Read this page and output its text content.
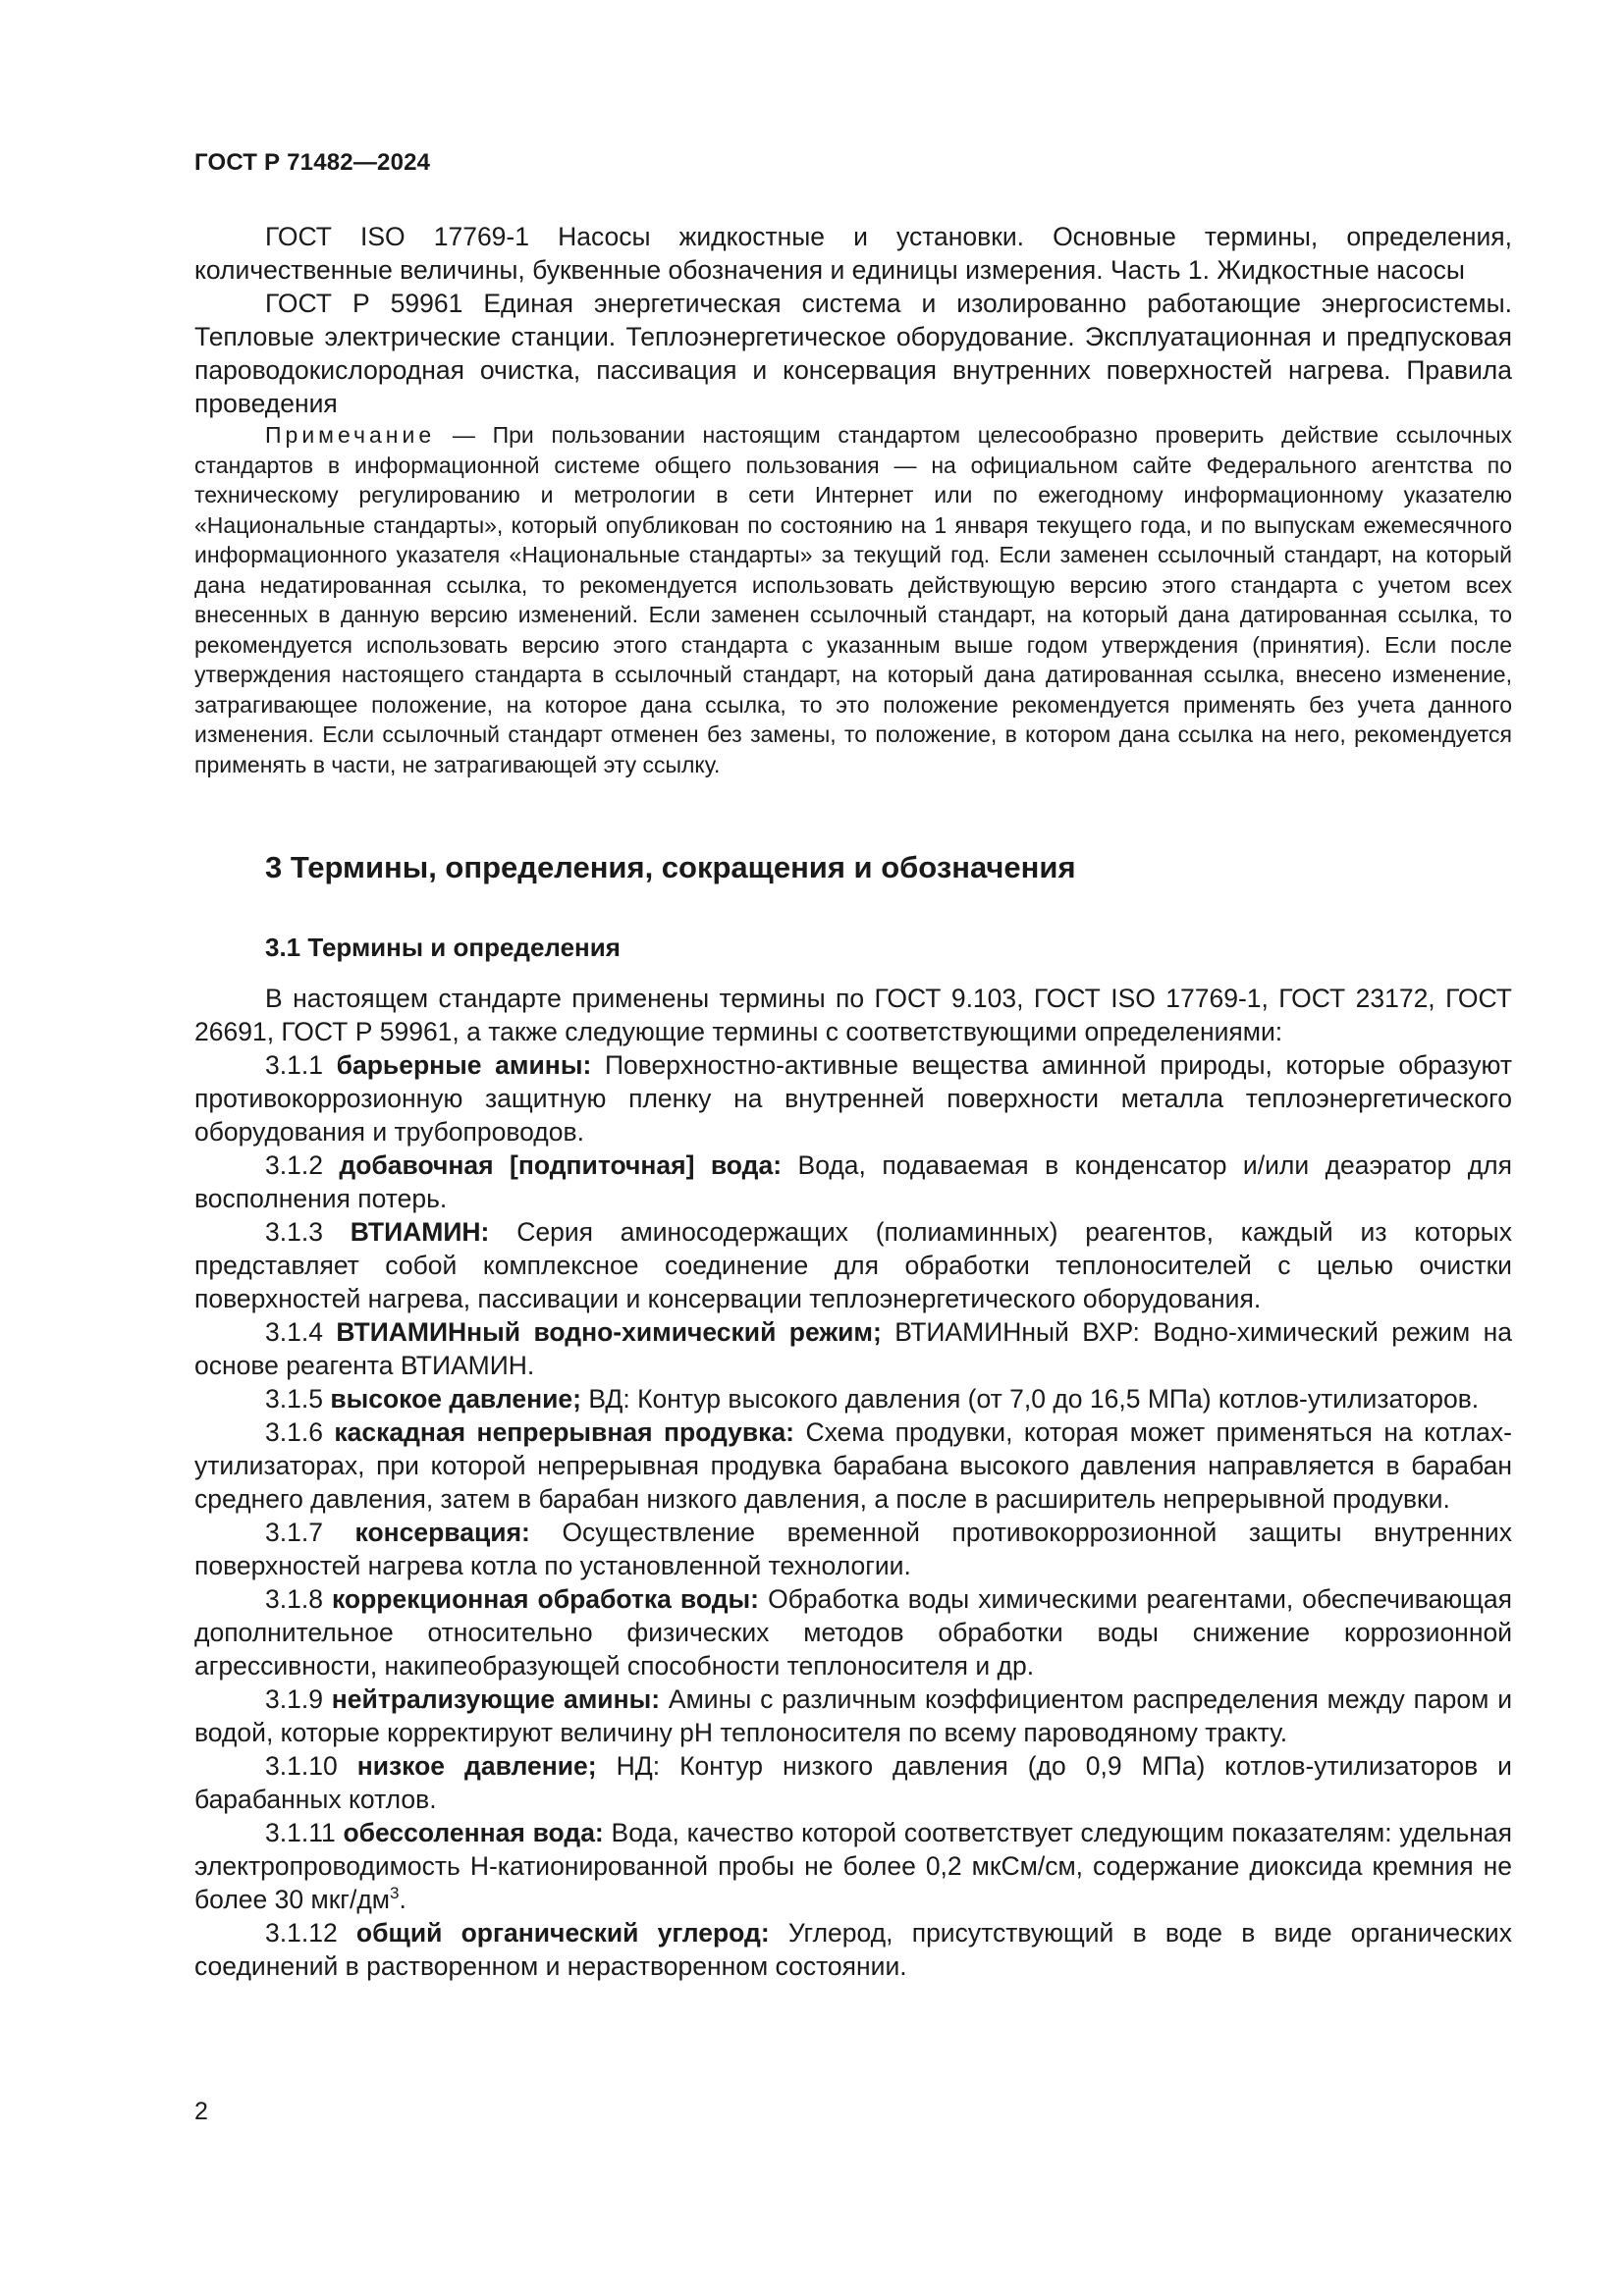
ГОСТ Р 71482—2024

ГОСТ ISO 17769-1 Насосы жидкостные и установки. Основные термины, определения, количественные величины, буквенные обозначения и единицы измерения. Часть 1. Жидкостные насосы

ГОСТ Р 59961 Единая энергетическая система и изолированно работающие энергосистемы. Тепловые электрические станции. Теплоэнергетическое оборудование. Эксплуатационная и предпусковая пароводокислородная очистка, пассивация и консервация внутренних поверхностей нагрева. Правила проведения

Примечание — При пользовании настоящим стандартом целесообразно проверить действие ссылочных стандартов в информационной системе общего пользования — на официальном сайте Федерального агентства по техническому регулированию и метрологии в сети Интернет или по ежегодному информационному указателю «Национальные стандарты», который опубликован по состоянию на 1 января текущего года, и по выпускам ежемесячного информационного указателя «Национальные стандарты» за текущий год. Если заменен ссылочный стандарт, на который дана недатированная ссылка, то рекомендуется использовать действующую версию этого стандарта с учетом всех внесенных в данную версию изменений. Если заменен ссылочный стандарт, на который дана датированная ссылка, то рекомендуется использовать версию этого стандарта с указанным выше годом утверждения (принятия). Если после утверждения настоящего стандарта в ссылочный стандарт, на который дана датированная ссылка, внесено изменение, затрагивающее положение, на которое дана ссылка, то это положение рекомендуется применять без учета данного изменения. Если ссылочный стандарт отменен без замены, то положение, в котором дана ссылка на него, рекомендуется применять в части, не затрагивающей эту ссылку.

3 Термины, определения, сокращения и обозначения
3.1 Термины и определения

В настоящем стандарте применены термины по ГОСТ 9.103, ГОСТ ISO 17769-1, ГОСТ 23172, ГОСТ 26691, ГОСТ Р 59961, а также следующие термины с соответствующими определениями:

3.1.1 барьерные амины: Поверхностно-активные вещества аминной природы, которые образуют противокоррозионную защитную пленку на внутренней поверхности металла теплоэнергетического оборудования и трубопроводов.

3.1.2 добавочная [подпиточная] вода: Вода, подаваемая в конденсатор и/или деаэратор для восполнения потерь.

3.1.3 ВТИАМИН: Серия аминосодержащих (полиаминных) реагентов, каждый из которых представляет собой комплексное соединение для обработки теплоносителей с целью очистки поверхностей нагрева, пассивации и консервации теплоэнергетического оборудования.

3.1.4 ВТИАМИНный водно-химический режим; ВТИАМИНный ВХР: Водно-химический режим на основе реагента ВТИАМИН.

3.1.5 высокое давление; ВД: Контур высокого давления (от 7,0 до 16,5 МПа) котлов-утилизаторов.

3.1.6 каскадная непрерывная продувка: Схема продувки, которая может применяться на котлах-утилизаторах, при которой непрерывная продувка барабана высокого давления направляется в барабан среднего давления, затем в барабан низкого давления, а после в расширитель непрерывной продувки.

3.1.7 консервация: Осуществление временной противокоррозионной защиты внутренних поверхностей нагрева котла по установленной технологии.

3.1.8 коррекционная обработка воды: Обработка воды химическими реагентами, обеспечивающая дополнительное относительно физических методов обработки воды снижение коррозионной агрессивности, накипеобразующей способности теплоносителя и др.

3.1.9 нейтрализующие амины: Амины с различным коэффициентом распределения между паром и водой, которые корректируют величину pH теплоносителя по всему пароводяному тракту.

3.1.10 низкое давление; НД: Контур низкого давления (до 0,9 МПа) котлов-утилизаторов и барабанных котлов.

3.1.11 обессоленная вода: Вода, качество которой соответствует следующим показателям: удельная электропроводимость Н-катионированной пробы не более 0,2 мкСм/см, содержание диоксида кремния не более 30 мкг/$дм^3$.

3.1.12 общий органический углерод: Углерод, присутствующий в воде в виде органических соединений в растворенном и нерастворенном состоянии.

2
